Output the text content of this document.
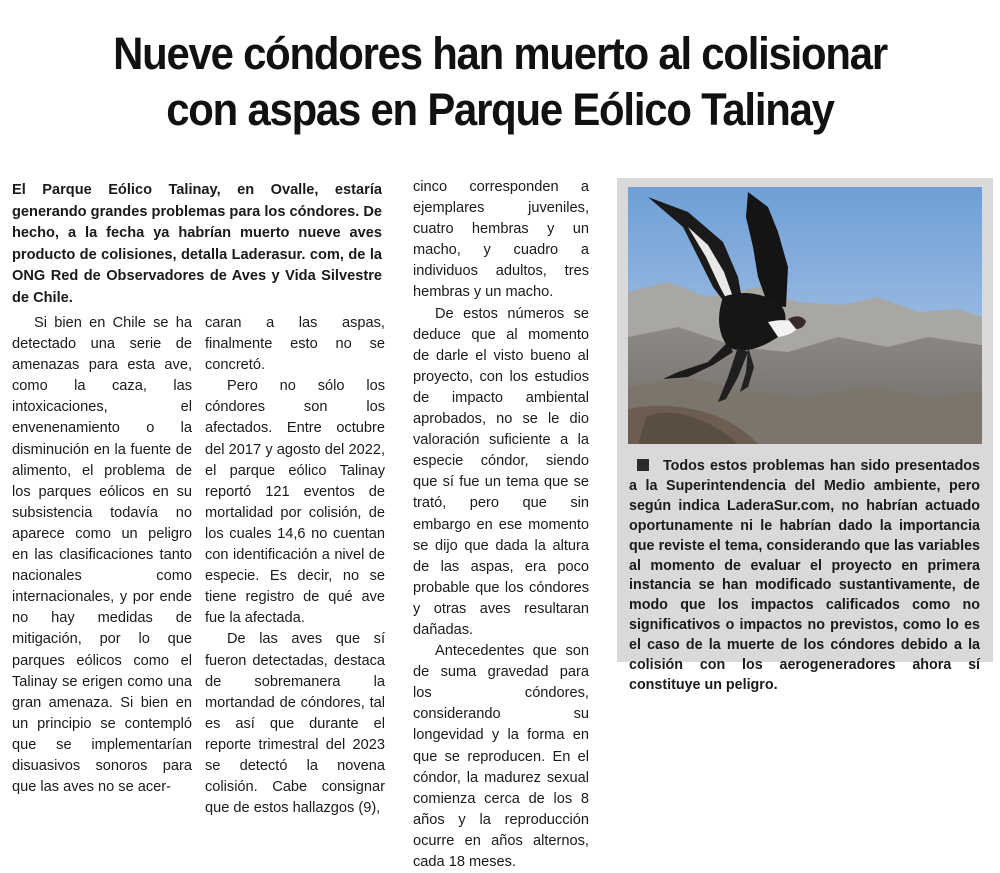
Nueve cóndores han muerto al colisionar
con aspas en Parque Eólico Talinay
El Parque Eólico Talinay, en Ovalle, estaría generando grandes problemas para los cóndores. De hecho, a la fecha ya habrían muerto nueve aves producto de colisiones, detalla Laderasur. com, de la ONG Red de Observadores de Aves y Vida Silvestre de Chile.

Si bien en Chile se ha detectado una serie de amenazas para esta ave, como la caza, las intoxicaciones, el envenenamiento o la disminución en la fuente de alimento, el problema de los parques eólicos en su subsistencia todavía no aparece como un peligro en las clasificaciones tanto nacionales como internacionales, y por ende no hay medidas de mitigación, por lo que parques eólicos como el Talinay se erigen como una gran amenaza. Si bien en un principio se contempló que se implementarían disuasivos sonoros para que las aves no se acer-

caran a las aspas, finalmente esto no se concretó.

Pero no sólo los cóndores son los afectados. Entre octubre del 2017 y agosto del 2022, el parque eólico Talinay reportó 121 eventos de mortalidad por colisión, de los cuales 14,6 no cuentan con identificación a nivel de especie. Es decir, no se tiene registro de qué ave fue la afectada.

De las aves que sí fueron detectadas, destaca de sobremanera la mortandad de cóndores, tal es así que durante el reporte trimestral del 2023 se detectó la novena colisión. Cabe consignar que de estos hallazgos (9),

cinco corresponden a ejemplares juveniles, cuatro hembras y un macho, y cuadro a individuos adultos, tres hembras y un macho.

De estos números se deduce que al momento de darle el visto bueno al proyecto, con los estudios de impacto ambiental aprobados, no se le dio valoración suficiente a la especie cóndor, siendo que sí fue un tema que se trató, pero que sin embargo en ese momento se dijo que dada la altura de las aspas, era poco probable que los cóndores y otras aves resultaran dañadas.

Antecedentes que son de suma gravedad para los cóndores, considerando su longevidad y la forma en que se reproducen. En el cóndor, la madurez sexual comienza cerca de los 8 años y la reproducción ocurre en años alternos, cada 18 meses.

Todos estos problemas han sido presentados a la Superintendencia del Medio ambiente, pero según indica LaderaSur.com, no habrían actuado oportunamente ni le habrían dado la importancia que reviste el tema, considerando que las variables al momento de evaluar el proyecto en primera instancia se han modificado sustantivamente, de modo que los impactos calificados como no significativos o impactos no previstos, como lo es el caso de la muerte de los cóndores debido a la colisión con los aerogeneradores ahora sí constituye un peligro.
